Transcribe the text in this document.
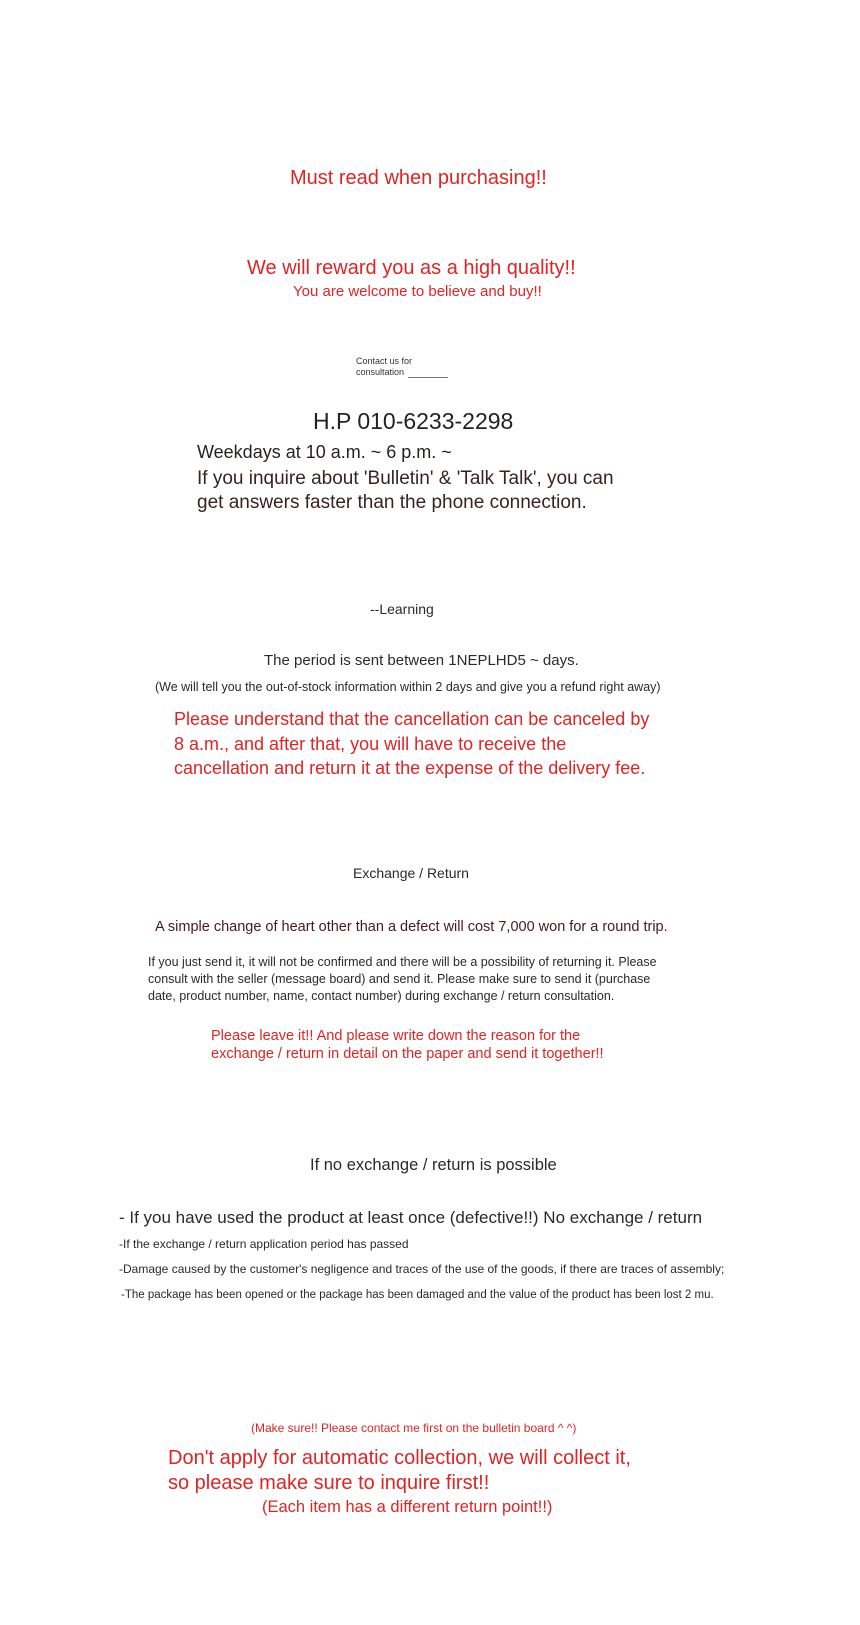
Must read when purchasing!!
We will reward you as a high quality!!
You are welcome to believe and buy!!
Contact us for
consultation
H.P 010-6233-2298
Weekdays at 10 a.m. ~ 6 p.m. ~
If you inquire about 'Bulletin' & 'Talk Talk', you can get answers faster than the phone connection.
--Learning
The period is sent between 1NEPLHD5 ~ days.
(We will tell you the out-of-stock information within 2 days and give you a refund right away)
Please understand that the cancellation can be canceled by 8 a.m., and after that, you will have to receive the cancellation and return it at the expense of the delivery fee.
Exchange / Return
A simple change of heart other than a defect will cost 7,000 won for a round trip.
If you just send it, it will not be confirmed and there will be a possibility of returning it. Please consult with the seller (message board) and send it. Please make sure to send it (purchase date, product number, name, contact number) during exchange / return consultation.
Please leave it!! And please write down the reason for the exchange / return in detail on the paper and send it together!!
If no exchange / return is possible
- If you have used the product at least once (defective!!) No exchange / return
-If the exchange / return application period has passed
-Damage caused by the customer's negligence and traces of the use of the goods, if there are traces of assembly;
-The package has been opened or the package has been damaged and the value of the product has been lost 2 mu.
(Make sure!! Please contact me first on the bulletin board ^ ^)
Don't apply for automatic collection, we will collect it,
so please make sure to inquire first!!
(Each item has a different return point!!)
